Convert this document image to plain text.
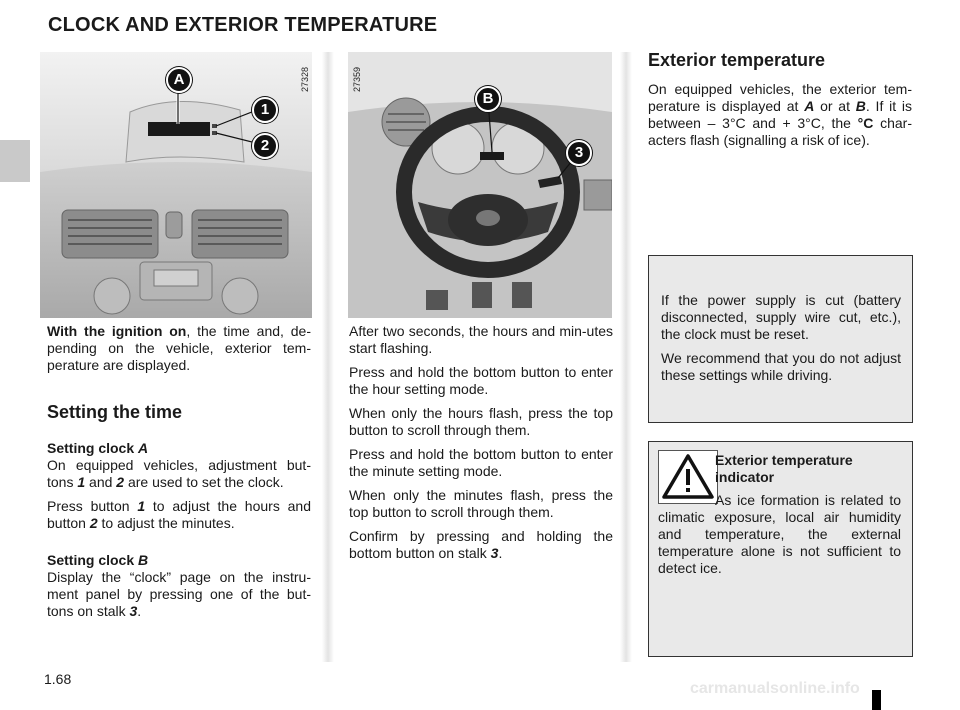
CLOCK AND EXTERIOR TEMPERATURE
27328
A
1
2
27359
B
3

With the ignition on, the time and, de-pending on the vehicle, exterior tem-perature are displayed.

Setting the time

Setting clock A

On equipped vehicles, adjustment but-tons 1 and 2 are used to set the clock.

Press button 1 to adjust the hours and button 2 to adjust the minutes.

Setting clock B

Display the “clock” page on the instru-ment panel by pressing one of the but-tons on stalk 3.

After two seconds, the hours and min-utes start flashing.

Press and hold the bottom button to enter the hour setting mode.

When only the hours flash, press the top button to scroll through them.

Press and hold the bottom button to enter the minute setting mode.

When only the minutes flash, press the top button to scroll through them.

Confirm by pressing and holding the bottom button on stalk 3.

Exterior temperature

On equipped vehicles, the exterior tem-perature is displayed at A or at B. If it is between – 3°C and + 3°C, the °C char-acters flash (signalling a risk of ice).

If the power supply is cut (battery disconnected, supply wire cut, etc.), the clock must be reset.

We recommend that you do not adjust these settings while driving.

Exterior temperature indicator

As ice formation is related to climatic exposure, local air humidity and temperature, the external temperature alone is not sufficient to detect ice.

1.68
carmanualsonline.info
